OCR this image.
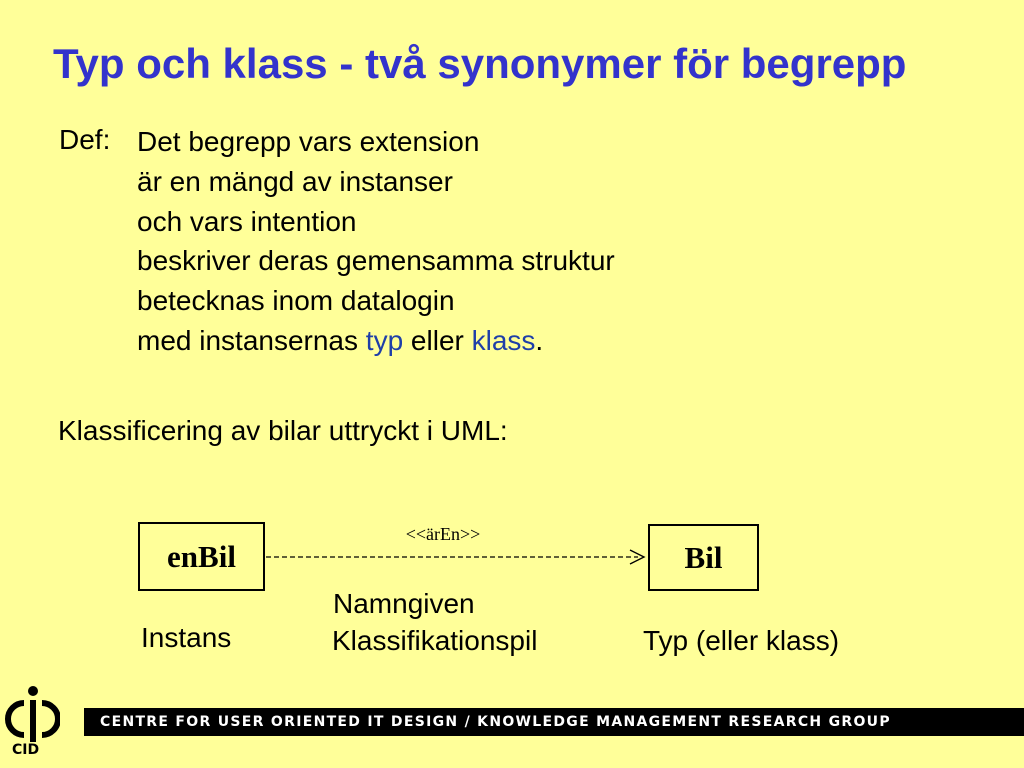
Typ och klass - två synonymer för begrepp
Def: Det begrepp vars extension
är en mängd av instanser
och vars intention
beskriver deras gemensamma struktur
betecknas inom datalogin
med instansernas typ eller klass.
Klassificering av bilar uttryckt i UML:
<<ärEn>>
enBil	Bil
Instans
Namngiven
Klassifikationspil	Typ (eller klass)
CID
CENTRE FOR USER ORIENTED IT DESIGN / KNOWLEDGE MANAGEMENT RESEARCH GROUP
